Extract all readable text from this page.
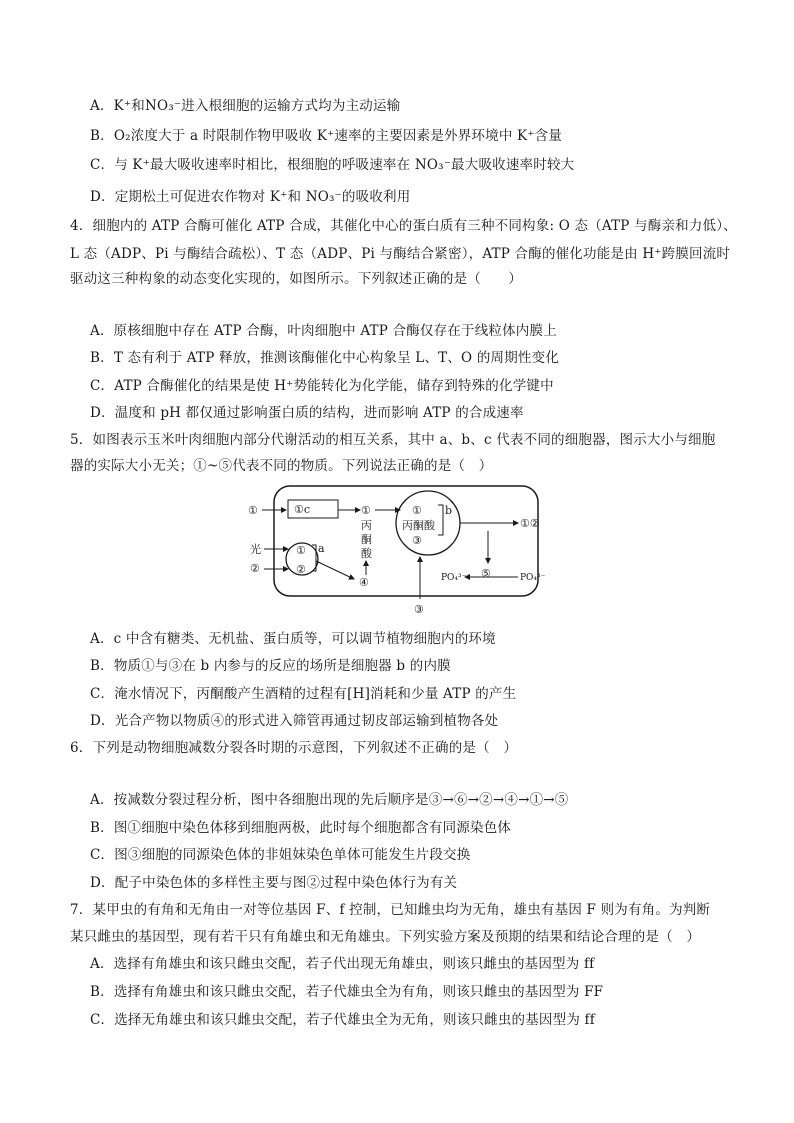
A．K⁺和NO₃⁻进入根细胞的运输方式均为主动运输
B．O₂浓度大于 a 时限制作物甲吸收 K⁺速率的主要因素是外界环境中 K⁺含量
C．与 K⁺最大吸收速率时相比，根细胞的呼吸速率在 NO₃⁻最大吸收速率时较大
D．定期松土可促进农作物对 K⁺和 NO₃⁻的吸收利用
4．细胞内的 ATP 合酶可催化 ATP 合成，其催化中心的蛋白质有三种不同构象: O 态（ATP 与酶亲和力低）、
L 态（ADP、Pi 与酶结合疏松）、T 态（ADP、Pi 与酶结合紧密），ATP 合酶的催化功能是由 H⁺跨膜回流时
驱动这三种构象的动态变化实现的，如图所示。下列叙述正确的是（　　）
A．原核细胞中存在 ATP 合酶，叶肉细胞中 ATP 合酶仅存在于线粒体内膜上
B．T 态有利于 ATP 释放，推测该酶催化中心构象呈 L、T、O 的周期性变化
C．ATP 合酶催化的结果是使 H⁺势能转化为化学能，储存到特殊的化学键中
D．温度和 pH 都仅通过影响蛋白质的结构，进而影响 ATP 的合成速率
5．如图表示玉米叶肉细胞内部分代谢活动的相互关系，其中 a、b、c 代表不同的细胞器，图示大小与细胞
器的实际大小无关；①~⑤代表不同的物质。下列说法正确的是（　）
①	①c	①
丙
酮
酸
①
丙酮酸
③
b
①②
⑤
PO₄³⁻	PO₄³⁻
光
②
①
②
a
④
③
A．c 中含有糖类、无机盐、蛋白质等，可以调节植物细胞内的环境
B．物质①与③在 b 内参与的反应的场所是细胞器 b 的内膜
C．淹水情况下，丙酮酸产生酒精的过程有[H]消耗和少量 ATP 的产生
D．光合产物以物质④的形式进入筛管再通过韧皮部运输到植物各处
6．下列是动物细胞减数分裂各时期的示意图，下列叙述不正确的是（　）
A．按减数分裂过程分析，图中各细胞出现的先后顺序是③→⑥→②→④→①→⑤
B．图①细胞中染色体移到细胞两极，此时每个细胞都含有同源染色体
C．图③细胞的同源染色体的非姐妹染色单体可能发生片段交换
D．配子中染色体的多样性主要与图②过程中染色体行为有关
7．某甲虫的有角和无角由一对等位基因 F、f 控制，已知雌虫均为无角，雄虫有基因 F 则为有角。为判断
某只雌虫的基因型，现有若干只有角雄虫和无角雄虫。下列实验方案及预期的结果和结论合理的是（　）
A．选择有角雄虫和该只雌虫交配，若子代出现无角雄虫，则该只雌虫的基因型为 ff
B．选择有角雄虫和该只雌虫交配，若子代雄虫全为有角，则该只雌虫的基因型为 FF
C．选择无角雄虫和该只雌虫交配，若子代雄虫全为无角，则该只雌虫的基因型为 ff
